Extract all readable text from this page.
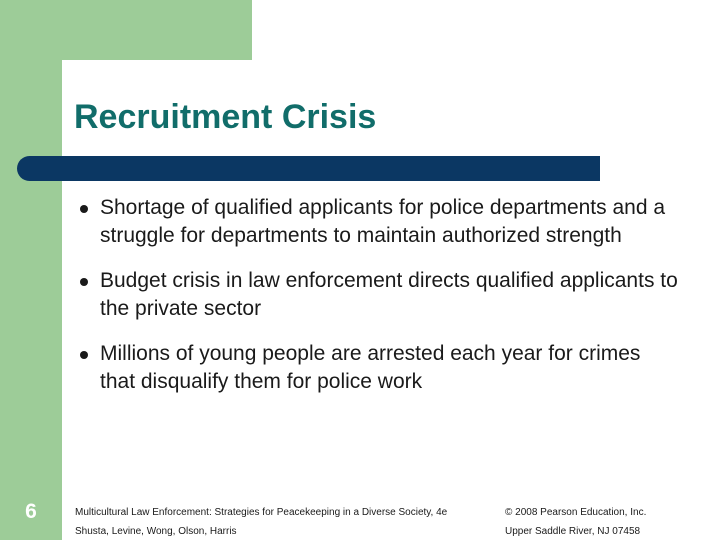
Recruitment Crisis
Shortage of qualified applicants for police departments and a struggle for departments to maintain authorized strength
Budget crisis in law enforcement directs qualified applicants to the private sector
Millions of young people are arrested each year for crimes that disqualify them for police work
6	Multicultural Law Enforcement: Strategies for Peacekeeping in a Diverse Society, 4e
Shusta, Levine, Wong, Olson, Harris
© 2008 Pearson Education, Inc.
Upper Saddle River, NJ 07458
